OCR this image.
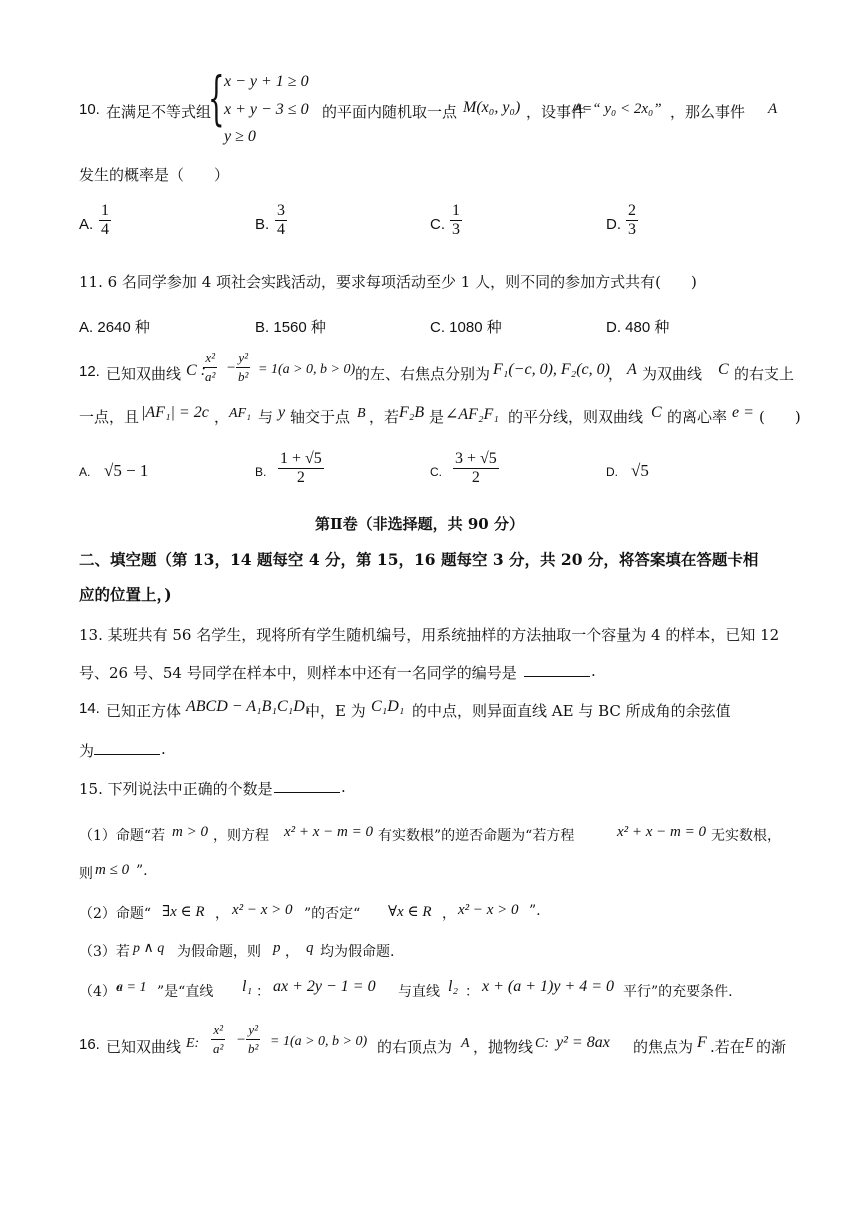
10. 在满足不等式组
{ x − y + 1 ≥ 0
x + y − 3 ≤ 0
y ≥ 0
的平面内随机取一点 M(x₀, y₀) ，设事件
A=“ y₀ < 2x₀” ，那么事件 A
发生的概率是（　　）
A. $\frac{1}{4}$	B. $\frac{3}{4}$	C. $\frac{1}{3}$	D. $\frac{2}{3}$
11. 6 名同学参加 4 项社会实践活动，要求每项活动至少 1 人，则不同的参加方式共有(　　)
A. 2640 种	B. 1560 种	C. 1080 种	D. 480 种
12. 已知双曲线 C :
$\frac{\text{x²}}{\text{a²}} - \frac{\text{y²}}{\text{b²}} = 1(a > 0$, b > 0) 的左、右焦点分别为 F₁(−c, 0), F₂(c, 0)
， A 为双曲线 C 的右支上
一点，且 |AF₁| = 2c ， AF₁ 与 y 轴交于点 B ，若 F₂B 是 ∠AF₂F₁ 的平分线，则双曲线 C 的离心率 e = (　　)
A. √5 − 1	B. $\frac{1 + √5}{2}$	C. $\frac{3 + √5}{2}$	D. √5
第Ⅱ卷（非选择题，共 90 分）
二、填空题（第 13，14 题每空 4 分，第 15，16 题每空 3 分，共 20 分，将答案填在答题卡相
应的位置上，)
13. 某班共有 56 名学生，现将所有学生随机编号，用系统抽样的方法抽取一个容量为 4 的样本，已知 12
号、26 号、54 号同学在样本中，则样本中还有一名同学的编号是	.
14. 已知正方体 ABCD − A₁B₁C₁D₁
中，E 为 C₁D₁ 的中点，则异面直线 AE 与 BC 所成角的余弦值
为	.
15. 下列说法中正确的个数是	.
（1）命题“若 m > 0 ，则方程 x² + x − m = 0 有实数根”的逆否命题为“若方程	x² + x − m = 0 无实数根，
则 m ≤ 0 ”.
（2）命题“ ∃x ∈ R ， x² − x > 0 ”的否定“ ∀x ∈ R ， x² − x > 0 ”.
（3）若 p ∧ q 为假命题，则 p ， q 均为假命题.
（4）“
a = 1 ”是“直线 l₁ ： ax + 2y − 1 = 0 与直线 l₂ ： x + (a + 1)y + 4 = 0 平行”的充要条件.
16. 已知双曲线 E: $\frac{\text{x²}}{\text{a²}} - \frac{\text{y²}}{\text{b²}} = 1(a > 0$, b > 0) 的右顶点为 A ，抛物线 C: y² = 8ax 的焦点为 F .若在 E 的渐
